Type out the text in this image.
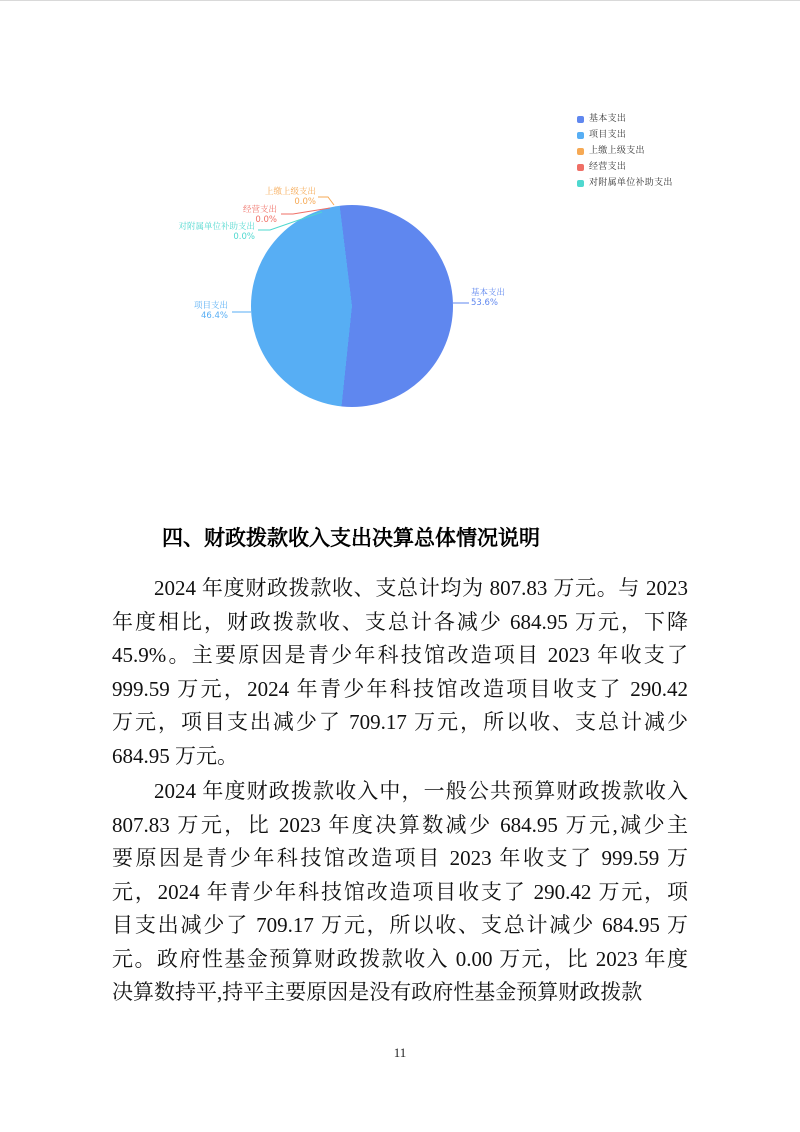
基本支出
项目支出
上缴上级支出
经营支出
对附属单位补助支出
基本支出
53.6%
项目支出
46.4%
上缴上级支出
0.0%
经营支出
0.0%
对附属单位补助支出
0.0%
四、财政拨款收入支出决算总体情况说明
2024 年度财政拨款收、支总计均为 807.83 万元。与 2023
年度相比，财政拨款收、支总计各减少 684.95 万元，下降
45.9%。主要原因是青少年科技馆改造项目 2023 年收支了
999.59 万元，2024 年青少年科技馆改造项目收支了 290.42
万元，项目支出减少了 709.17 万元，所以收、支总计减少
684.95 万元。
2024 年度财政拨款收入中，一般公共预算财政拨款收入
807.83 万元，比 2023 年度决算数减少 684.95 万元,减少主
要原因是青少年科技馆改造项目 2023 年收支了 999.59 万
元，2024 年青少年科技馆改造项目收支了 290.42 万元，项
目支出减少了 709.17 万元，所以收、支总计减少 684.95 万
元。政府性基金预算财政拨款收入 0.00 万元，比 2023 年度
决算数持平,持平主要原因是没有政府性基金预算财政拨款
11
